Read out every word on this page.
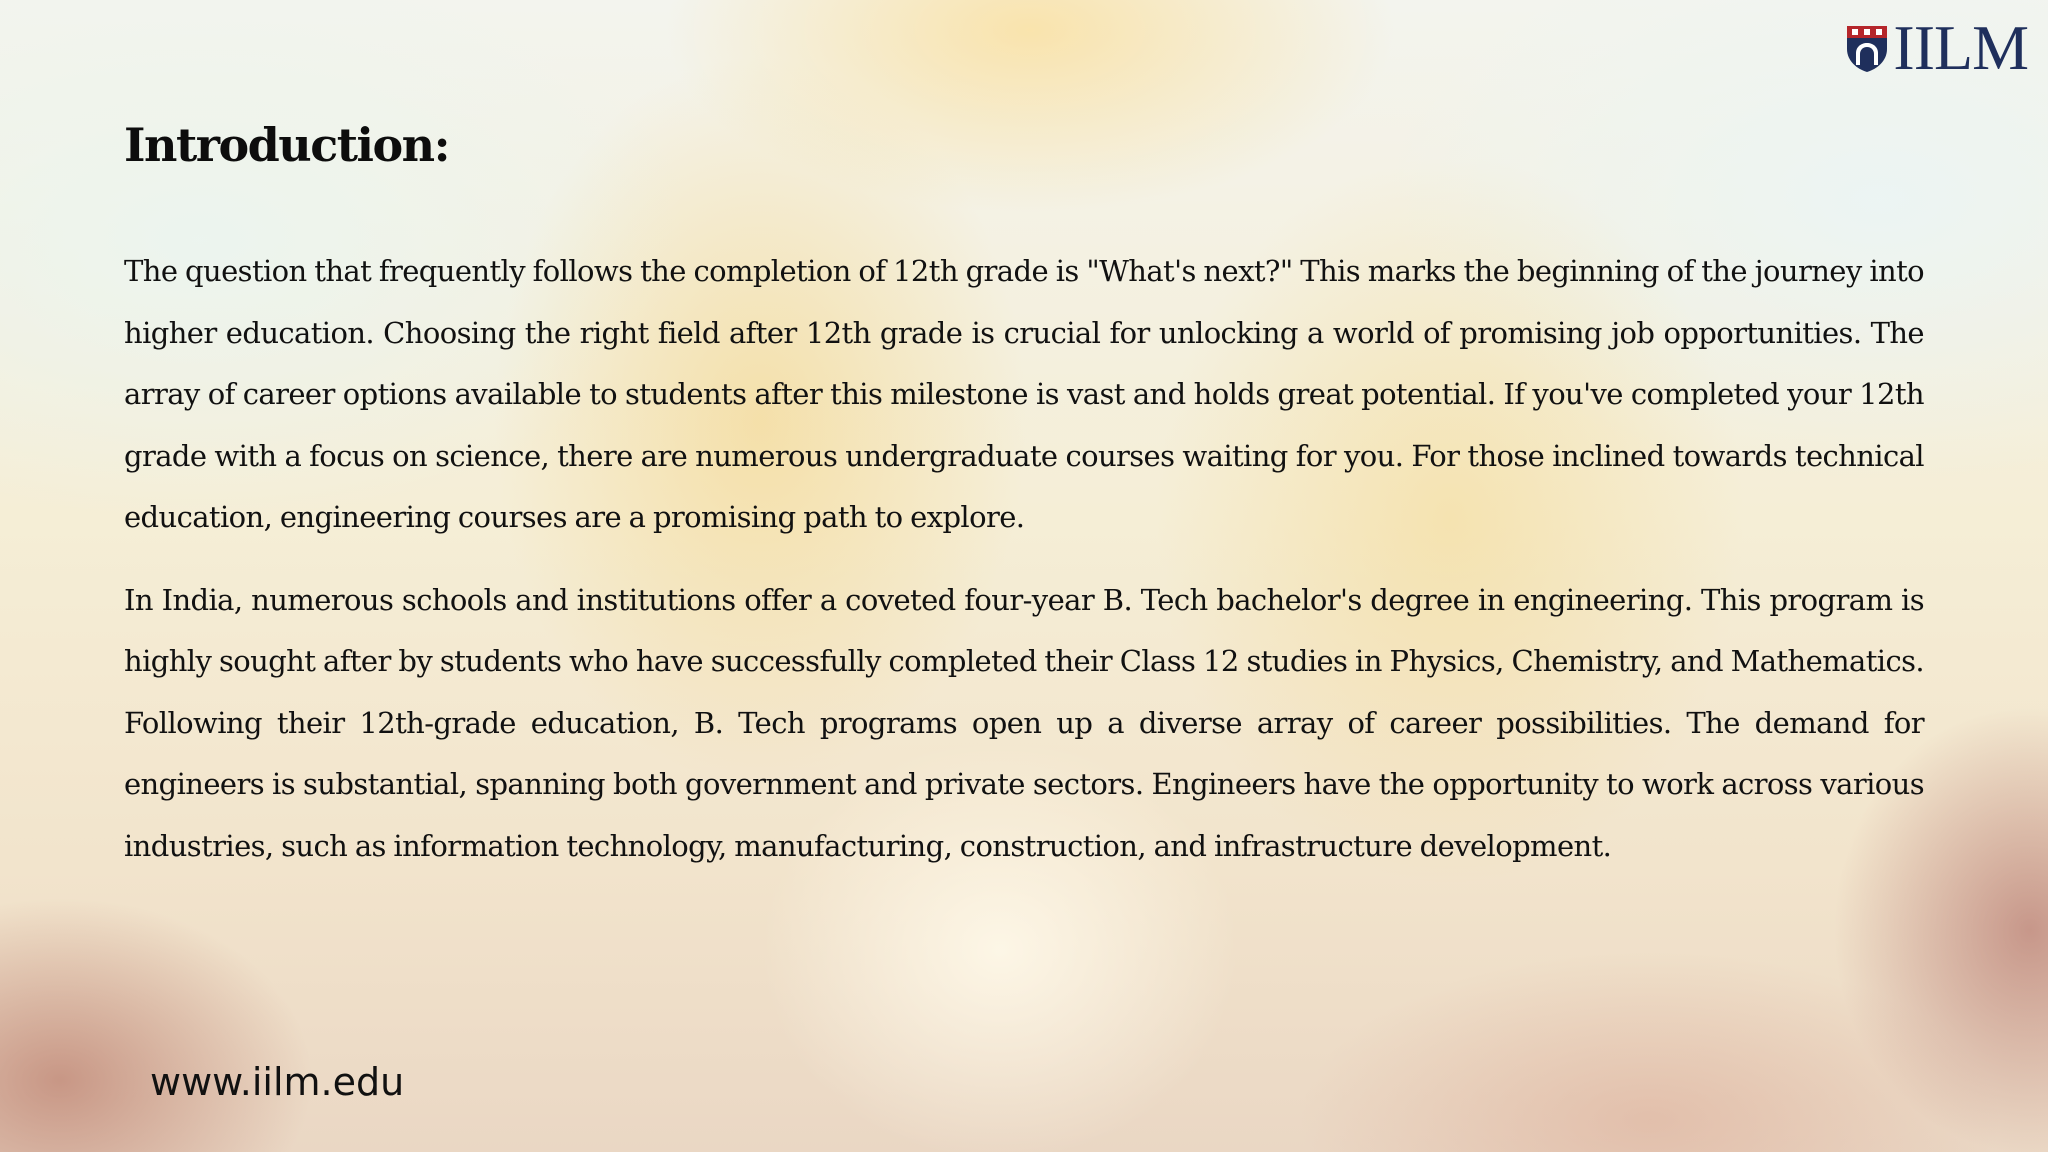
IILM
Introduction:

The question that frequently follows the completion of 12th grade is "What's next?" This marks the beginning of the journey into higher education. Choosing the right field after 12th grade is crucial for unlocking a world of promising job opportunities. The array of career options available to students after this milestone is vast and holds great potential. If you've completed your 12th grade with a focus on science, there are numerous undergraduate courses waiting for you. For those inclined towards technical education, engineering courses are a promising path to explore.

In India, numerous schools and institutions offer a coveted four-year B. Tech bachelor's degree in engineering. This program is highly sought after by students who have successfully completed their Class 12 studies in Physics, Chemistry, and Mathematics. Following their 12th-grade education, B. Tech programs open up a diverse array of career possibilities. The demand for engineers is substantial, spanning both government and private sectors. Engineers have the opportunity to work across various industries, such as information technology, manufacturing, construction, and infrastructure development.

www.iilm.edu
